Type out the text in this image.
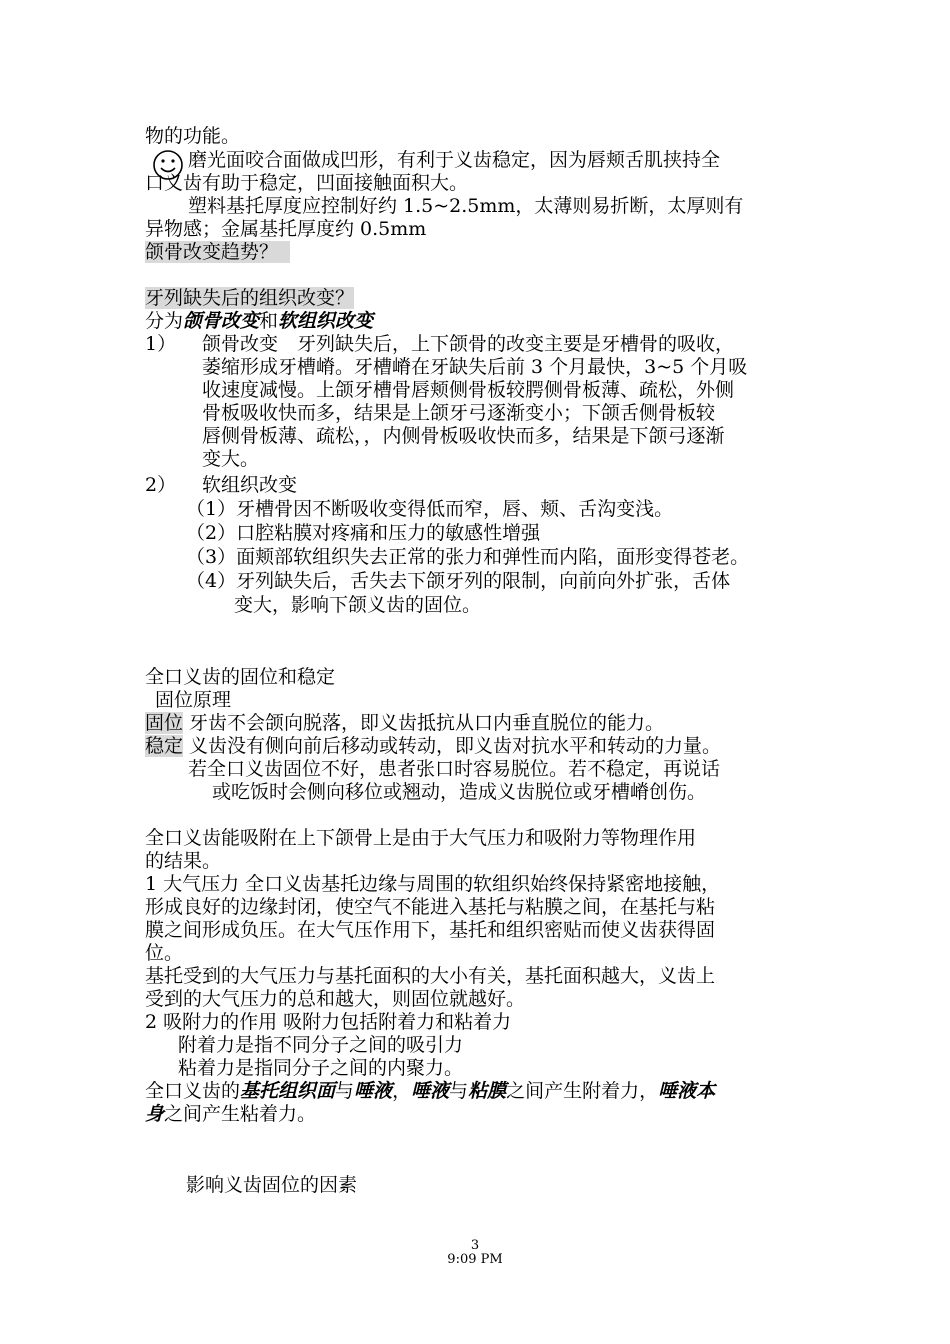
物的功能。
磨光面咬合面做成凹形，有利于义齿稳定，因为唇颊舌肌挟持全
口义齿有助于稳定，凹面接触面积大。
塑料基托厚度应控制好约 1.5~2.5mm，太薄则易折断，太厚则有
异物感；金属基托厚度约 0.5mm
颌骨改变趋势？
牙列缺失后的组织改变？
分为颌骨改变和软组织改变
1） 颌骨改变　牙列缺失后，上下颌骨的改变主要是牙槽骨的吸收，
萎缩形成牙槽嵴。牙槽嵴在牙缺失后前 3 个月最快，3~5 个月吸
收速度减慢。上颌牙槽骨唇颊侧骨板较腭侧骨板薄、疏松，外侧
骨板吸收快而多，结果是上颌牙弓逐渐变小；下颌舌侧骨板较
唇侧骨板薄、疏松，，内侧骨板吸收快而多，结果是下颌弓逐渐
变大。
2） 软组织改变
（1）牙槽骨因不断吸收变得低而窄，唇、颊、舌沟变浅。
（2）口腔粘膜对疼痛和压力的敏感性增强
（3）面颊部软组织失去正常的张力和弹性而内陷，面形变得苍老。
（4）牙列缺失后，舌失去下颌牙列的限制，向前向外扩张，舌体
变大，影响下颌义齿的固位。
全口义齿的固位和稳定
固位原理
固位 牙齿不会颌向脱落，即义齿抵抗从口内垂直脱位的能力。
稳定 义齿没有侧向前后移动或转动，即义齿对抗水平和转动的力量。
若全口义齿固位不好，患者张口时容易脱位。若不稳定，再说话
或吃饭时会侧向移位或翘动，造成义齿脱位或牙槽嵴创伤。
全口义齿能吸附在上下颌骨上是由于大气压力和吸附力等物理作用
的结果。
1 大气压力 全口义齿基托边缘与周围的软组织始终保持紧密地接触，
形成良好的边缘封闭，使空气不能进入基托与粘膜之间，在基托与粘
膜之间形成负压。在大气压作用下，基托和组织密贴而使义齿获得固
位。
基托受到的大气压力与基托面积的大小有关，基托面积越大，义齿上
受到的大气压力的总和越大，则固位就越好。
2 吸附力的作用 吸附力包括附着力和粘着力
附着力是指不同分子之间的吸引力
粘着力是指同分子之间的内聚力。
全口义齿的基托组织面与唾液，唾液与粘膜之间产生附着力，唾液本
身之间产生粘着力。
影响义齿固位的因素
3
9:09 PM
